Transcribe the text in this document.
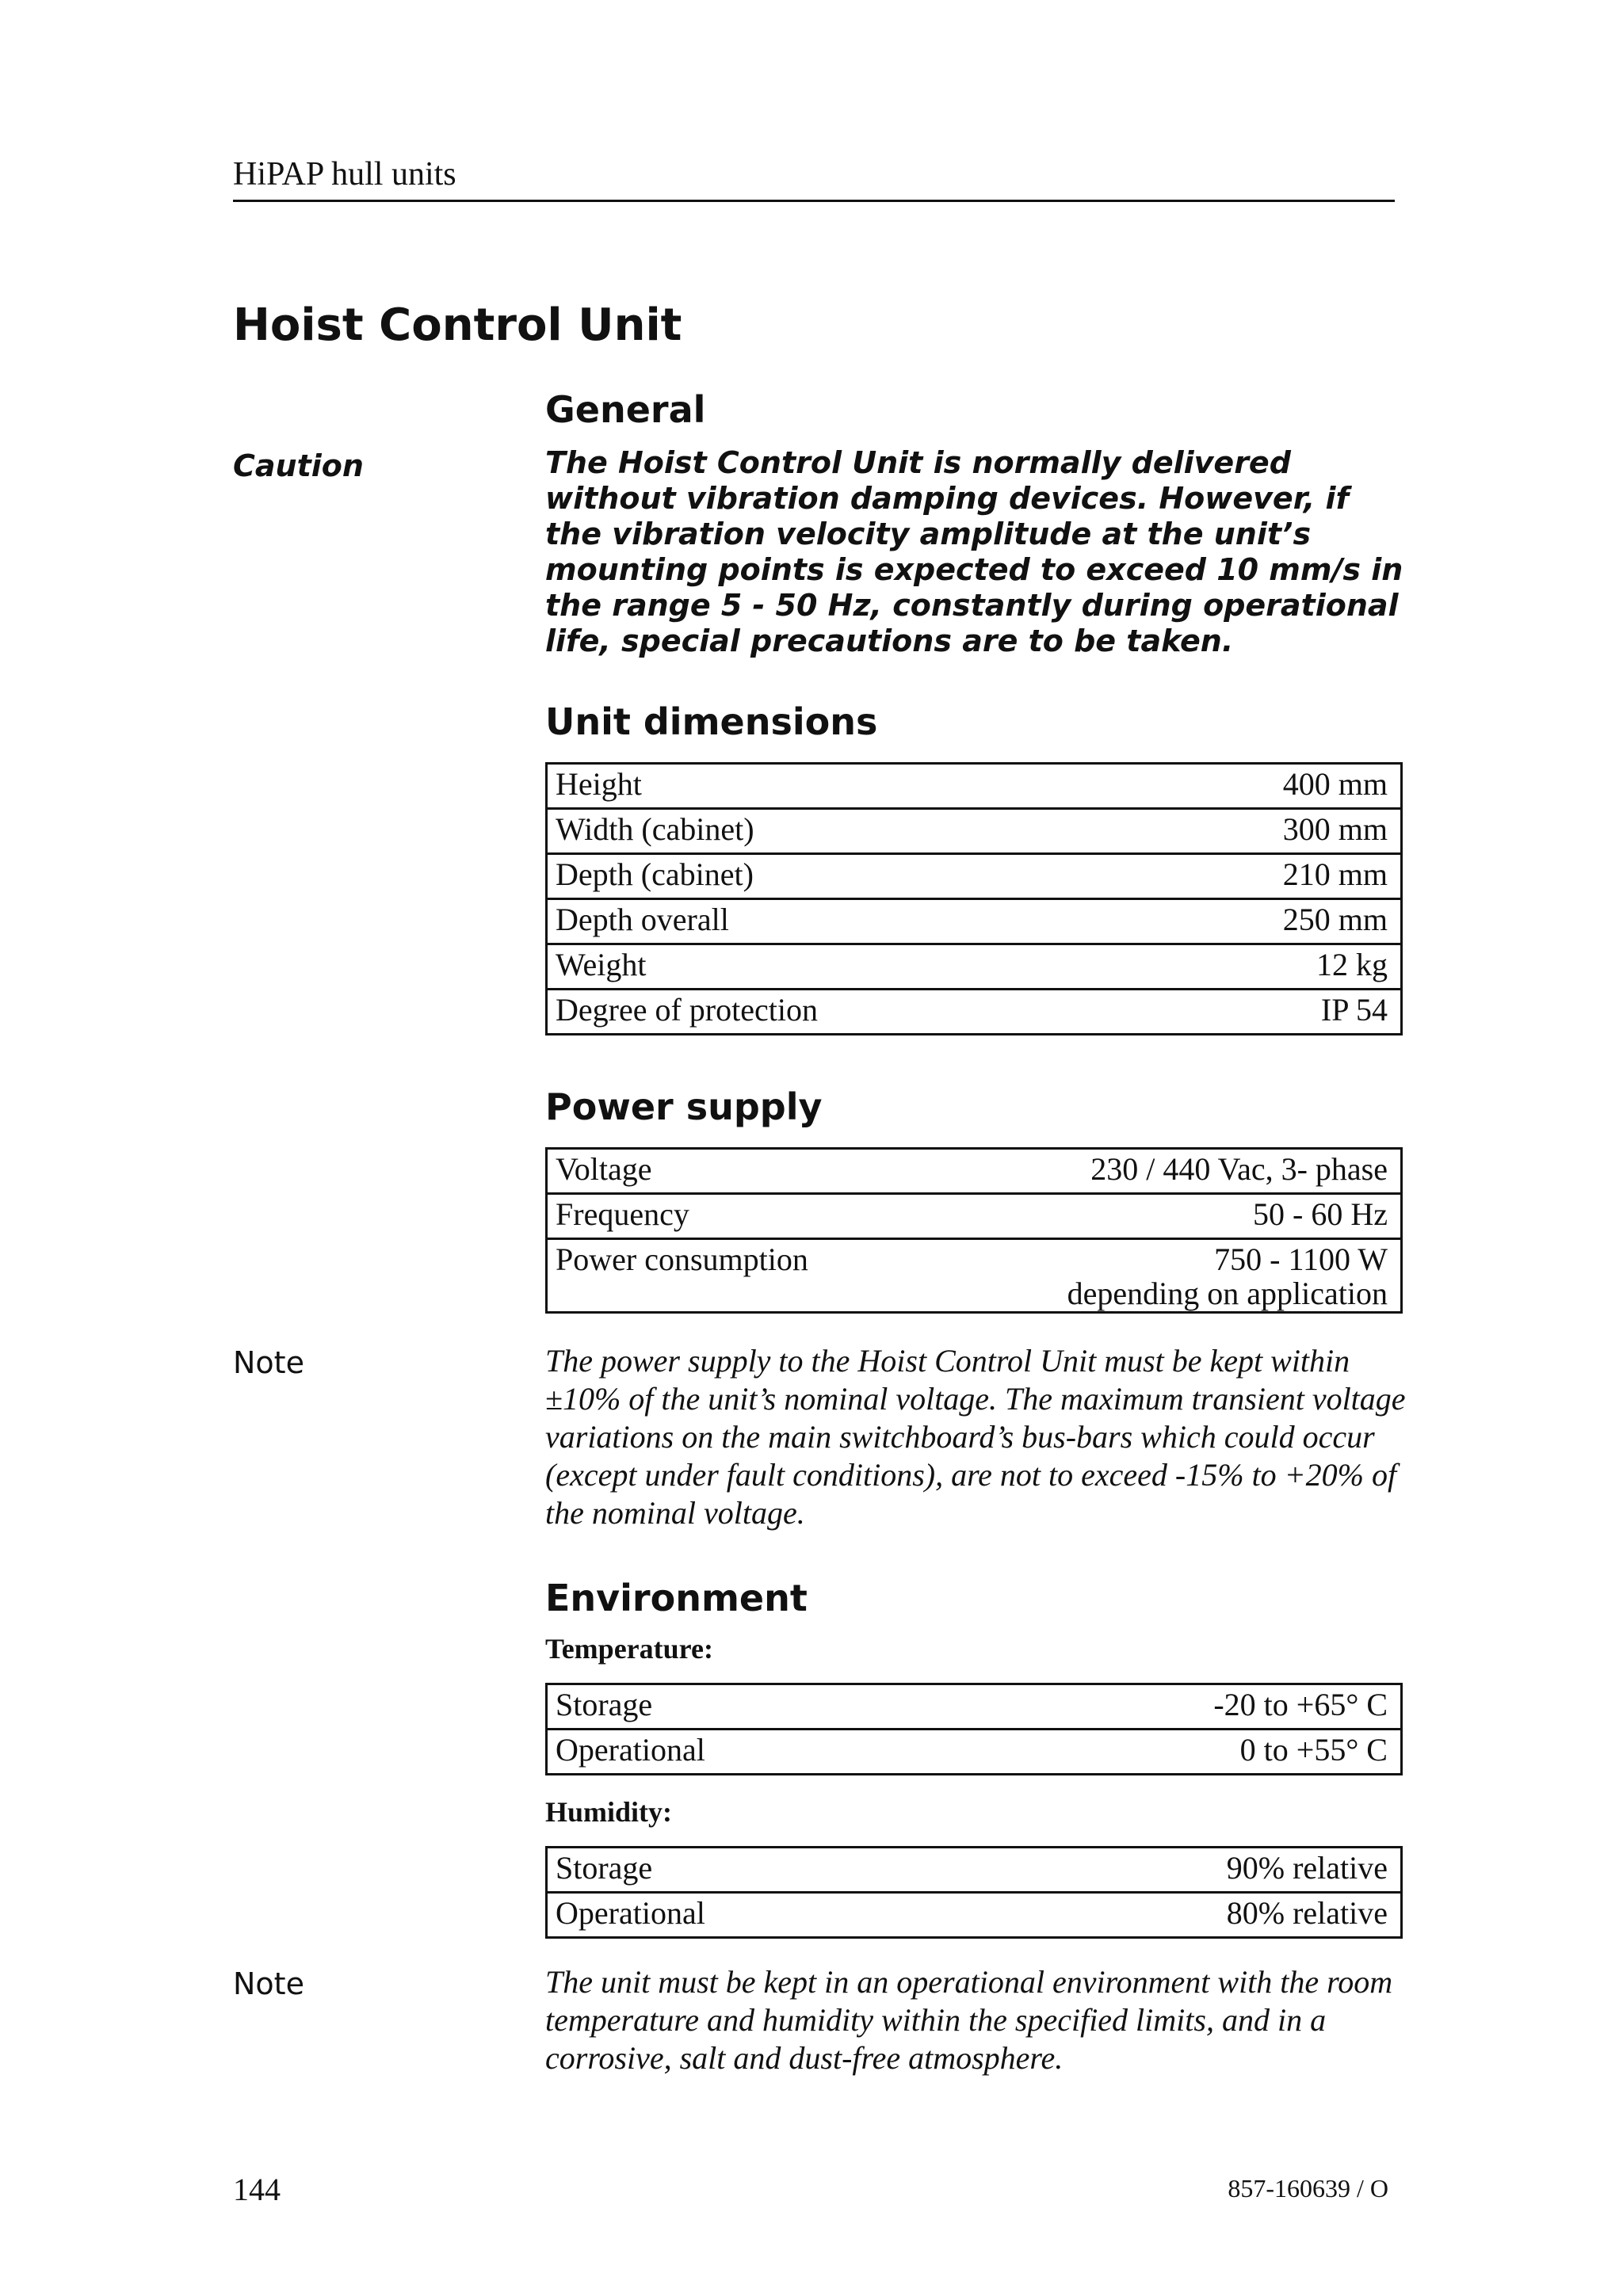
HiPAP hull units
Hoist Control Unit
General
Caution	The Hoist Control Unit is normally delivered without vibration damping devices. However, if the vibration velocity amplitude at the unit’s mounting points is expected to exceed 10 mm/s in the range 5 - 50 Hz, constantly during operational life, special precautions are to be taken.
Unit dimensions
Height	400 mm
Width (cabinet)	300 mm
Depth (cabinet)	210 mm
Depth overall	250 mm
Weight	12 kg
Degree of protection	IP 54
Power supply
Voltage	230 / 440 Vac, 3- phase
Frequency	50 - 60 Hz
Power consumption	750 - 1100 W
depending on application
Note	The power supply to the Hoist Control Unit must be kept within ±10% of the unit’s nominal voltage. The maximum transient voltage variations on the main switchboard’s bus-bars which could occur (except under fault conditions), are not to exceed -15% to +20% of the nominal voltage.
Environment
Temperature:
Storage	-20 to +65° C
Operational	0 to +55° C
Humidity:
Storage	90% relative
Operational	80% relative
Note	The unit must be kept in an operational environment with the room temperature and humidity within the specified limits, and in a corrosive, salt and dust-free atmosphere.
144	857-160639 / O
